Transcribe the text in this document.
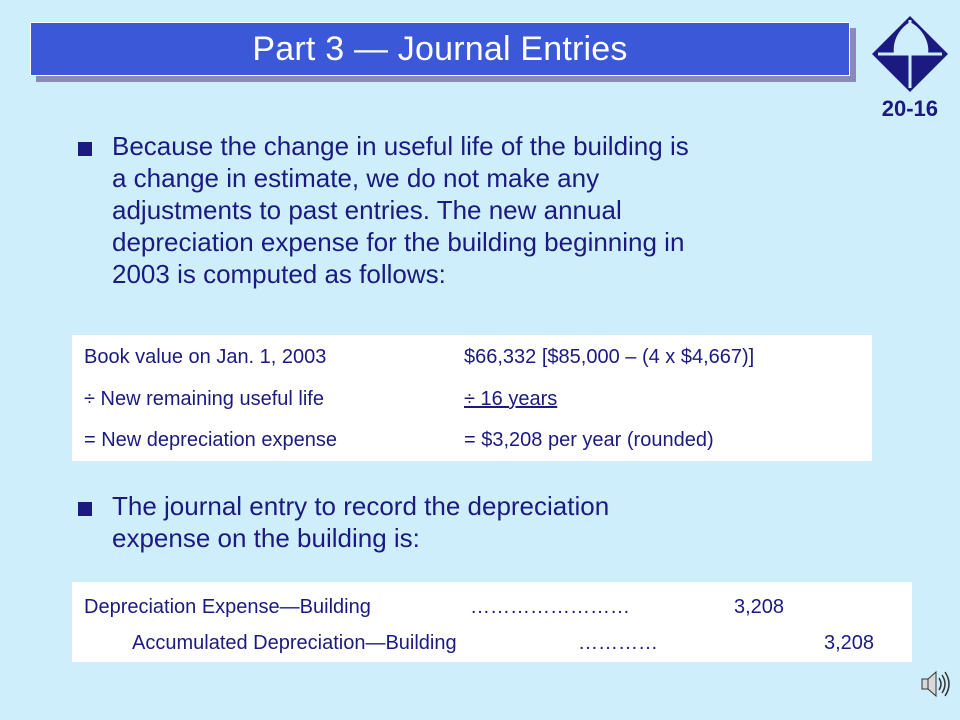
Part 3 — Journal Entries
20-16
Because the change in useful life of the building is
a change in estimate, we do not make any
adjustments to past entries. The new annual
depreciation expense for the building beginning in
2003 is computed as follows:
Book value on Jan. 1, 2003	$66,332 [$85,000 – (4 x $4,667)]
÷ New remaining useful life	÷ 16 years
= New depreciation expense	= $3,208 per year (rounded)
The journal entry to record the depreciation
expense on the building is:
Depreciation Expense—Building	……………………	3,208
Accumulated Depreciation—Building	…………	3,208
